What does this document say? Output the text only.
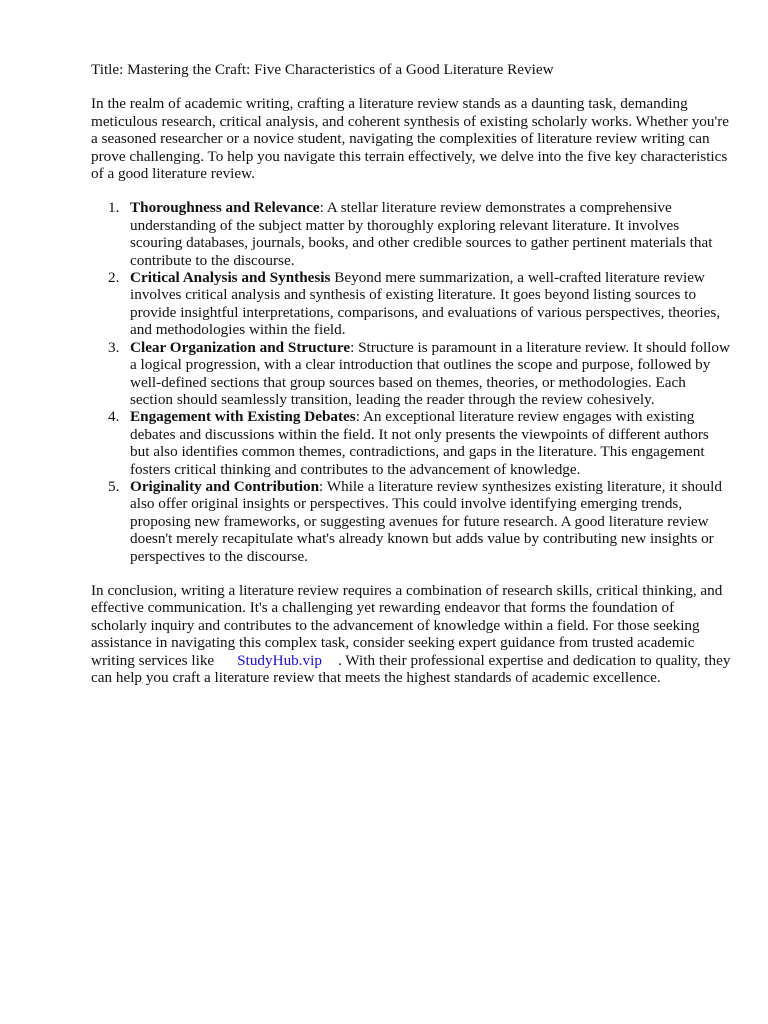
Title: Mastering the Craft: Five Characteristics of a Good Literature Review

In the realm of academic writing, crafting a literature review stands as a daunting task, demanding meticulous research, critical analysis, and coherent synthesis of existing scholarly works. Whether you're a seasoned researcher or a novice student, navigating the complexities of literature review writing can prove challenging. To help you navigate this terrain effectively, we delve into the five key characteristics of a good literature review.

1. Thoroughness and Relevance: A stellar literature review demonstrates a comprehensive understanding of the subject matter by thoroughly exploring relevant literature. It involves scouring databases, journals, books, and other credible sources to gather pertinent materials that contribute to the discourse.
2. Critical Analysis and Synthesis Beyond mere summarization, a well-crafted literature review involves critical analysis and synthesis of existing literature. It goes beyond listing sources to provide insightful interpretations, comparisons, and evaluations of various perspectives, theories, and methodologies within the field.
3. Clear Organization and Structure: Structure is paramount in a literature review. It should follow a logical progression, with a clear introduction that outlines the scope and purpose, followed by well-defined sections that group sources based on themes, theories, or methodologies. Each section should seamlessly transition, leading the reader through the review cohesively.
4. Engagement with Existing Debates: An exceptional literature review engages with existing debates and discussions within the field. It not only presents the viewpoints of different authors but also identifies common themes, contradictions, and gaps in the literature. This engagement fosters critical thinking and contributes to the advancement of knowledge.
5. Originality and Contribution: While a literature review synthesizes existing literature, it should also offer original insights or perspectives. This could involve identifying emerging trends, proposing new frameworks, or suggesting avenues for future research. A good literature review doesn't merely recapitulate what's already known but adds value by contributing new insights or perspectives to the discourse.

In conclusion, writing a literature review requires a combination of research skills, critical thinking, and effective communication. It's a challenging yet rewarding endeavor that forms the foundation of scholarly inquiry and contributes to the advancement of knowledge within a field. For those seeking assistance in navigating this complex task, consider seeking expert guidance from trusted academic writing services like StudyHub.vip . With their professional expertise and dedication to quality, they can help you craft a literature review that meets the highest standards of academic excellence.
